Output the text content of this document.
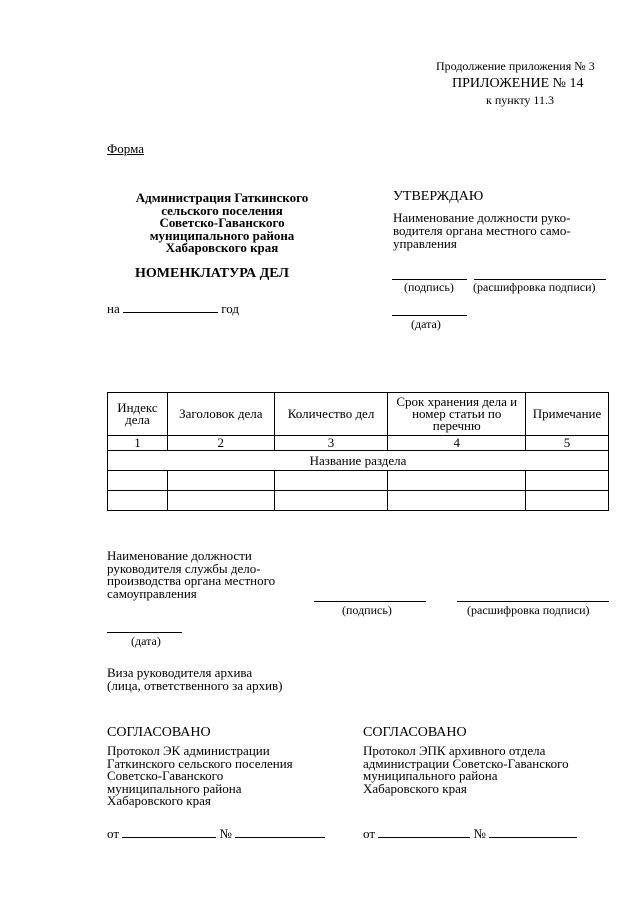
Продолжение приложения № 3
ПРИЛОЖЕНИЕ № 14
к пункту 11.3
Форма
Администрация Гаткинского
сельского поселения
Советско-Гаванского
муниципального района
Хабаровского края
НОМЕНКЛАТУРА ДЕЛ
на	год
УТВЕРЖДАЮ
Наименование должности руко-
водителя органа местного само-
управления
(подпись) (расшифровка подписи)
(дата)
Индекс дела	Заголовок дела	Количество дел	Срок хранения дела и номер статьи по перечню	Примечание
1	2	3	4	5
Название раздела				

Наименование должности
руководителя службы дело-
производства органа местного
самоуправления
(подпись)	(расшифровка подписи)
(дата)
Виза руководителя архива
(лица, ответственного за архив)
СОГЛАСОВАНО
Протокол ЭК администрации
Гаткинского сельского поселения
Советско-Гаванского
муниципального района
Хабаровского края
от	№
СОГЛАСОВАНО
Протокол ЭПК архивного отдела
администрации Советско-Гаванского
муниципального района
Хабаровского края
от	№
